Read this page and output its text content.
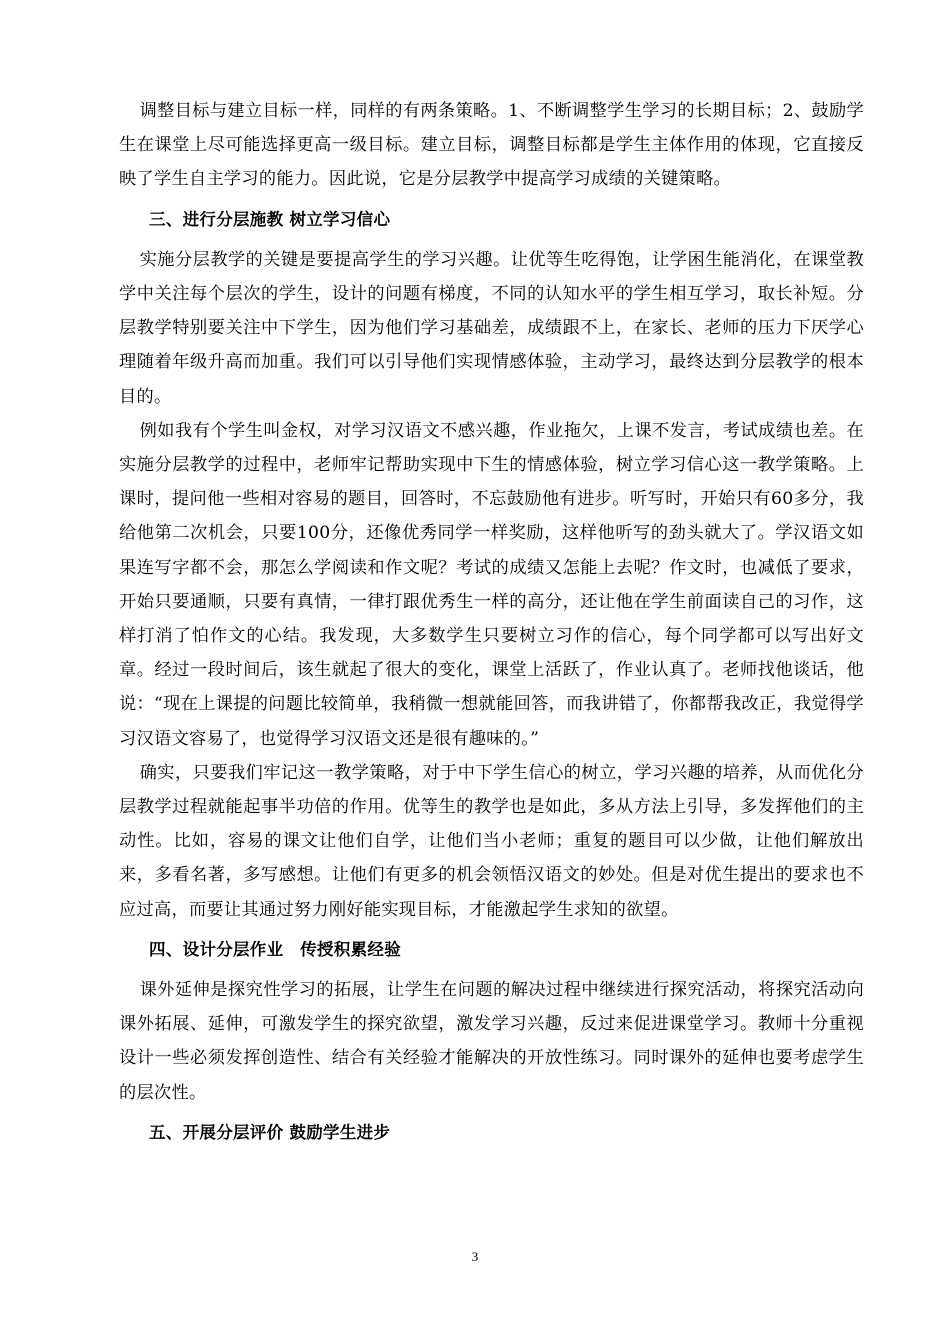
调整目标与建立目标一样，同样的有两条策略。1、不断调整学生学习的长期目标；2、鼓励学生在课堂上尽可能选择更高一级目标。建立目标，调整目标都是学生主体作用的体现，它直接反映了学生自主学习的能力。因此说，它是分层教学中提高学习成绩的关键策略。

三、进行分层施教 树立学习信心

实施分层教学的关键是要提高学生的学习兴趣。让优等生吃得饱，让学困生能消化，在课堂教学中关注每个层次的学生，设计的问题有梯度，不同的认知水平的学生相互学习，取长补短。分层教学特别要关注中下学生，因为他们学习基础差，成绩跟不上，在家长、老师的压力下厌学心理随着年级升高而加重。我们可以引导他们实现情感体验，主动学习，最终达到分层教学的根本目的。

例如我有个学生叫金权，对学习汉语文不感兴趣，作业拖欠，上课不发言，考试成绩也差。在实施分层教学的过程中，老师牢记帮助实现中下生的情感体验，树立学习信心这一教学策略。上课时，提问他一些相对容易的题目，回答时，不忘鼓励他有进步。听写时，开始只有60多分，我给他第二次机会，只要100分，还像优秀同学一样奖励，这样他听写的劲头就大了。学汉语文如果连写字都不会，那怎么学阅读和作文呢？考试的成绩又怎能上去呢？作文时，也减低了要求，开始只要通顺，只要有真情，一律打跟优秀生一样的高分，还让他在学生前面读自己的习作，这样打消了怕作文的心结。我发现，大多数学生只要树立习作的信心，每个同学都可以写出好文章。经过一段时间后，该生就起了很大的变化，课堂上活跃了，作业认真了。老师找他谈话，他说：“现在上课提的问题比较简单，我稍微一想就能回答，而我讲错了，你都帮我改正，我觉得学习汉语文容易了，也觉得学习汉语文还是很有趣味的。”

确实，只要我们牢记这一教学策略，对于中下学生信心的树立，学习兴趣的培养，从而优化分层教学过程就能起事半功倍的作用。优等生的教学也是如此，多从方法上引导，多发挥他们的主动性。比如，容易的课文让他们自学，让他们当小老师；重复的题目可以少做，让他们解放出来，多看名著，多写感想。让他们有更多的机会领悟汉语文的妙处。但是对优生提出的要求也不应过高，而要让其通过努力刚好能实现目标，才能激起学生求知的欲望。

四、设计分层作业　传授积累经验

课外延伸是探究性学习的拓展，让学生在问题的解决过程中继续进行探究活动，将探究活动向课外拓展、延伸，可激发学生的探究欲望，激发学习兴趣，反过来促进课堂学习。教师十分重视设计一些必须发挥创造性、结合有关经验才能解决的开放性练习。同时课外的延伸也要考虑学生的层次性。

五、开展分层评价 鼓励学生进步

3
